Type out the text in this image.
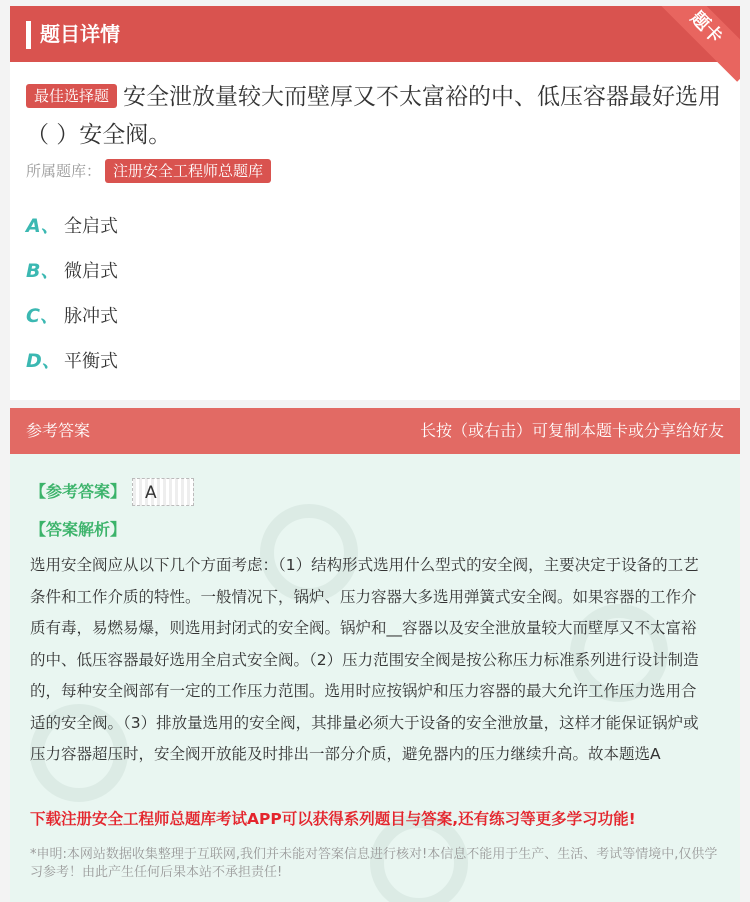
题目详情	题卡
最佳选择题 安全泄放量较大而壁厚又不太富裕的中、低压容器最好选用（ ）安全阀。
所属题库： 注册安全工程师总题库
A、 全启式
B、 微启式
C、 脉冲式
D、 平衡式
参考答案	长按（或右击）可复制本题卡或分享给好友
【参考答案】	A
【答案解析】
选用安全阀应从以下几个方面考虑：（1）结构形式选用什么型式的安全阀，主要决定于设备的工艺条件和工作介质的特性。一般情况下，锅炉、压力容器大多选用弹簧式安全阀。如果容器的工作介质有毒，易燃易爆，则选用封闭式的安全阀。锅炉和__容器以及安全泄放量较大而壁厚又不太富裕的中、低压容器最好选用全启式安全阀。（2）压力范围安全阀是按公称压力标准系列进行设计制造的，每种安全阀部有一定的工作压力范围。选用时应按锅炉和压力容器的最大允许工作压力选用合适的安全阀。（3）排放量选用的安全阀，其排量必须大于设备的安全泄放量，这样才能保证锅炉或压力容器超压时，安全阀开放能及时排出一部分介质，避免器内的压力继续升高。故本题选A
下载注册安全工程师总题库考试APP可以获得系列题目与答案,还有练习等更多学习功能!
*申明:本网站数据收集整理于互联网,我们并未能对答案信息进行核对!本信息不能用于生产、生活、考试等情境中,仅供学习参考！由此产生任何后果本站不承担责任!
